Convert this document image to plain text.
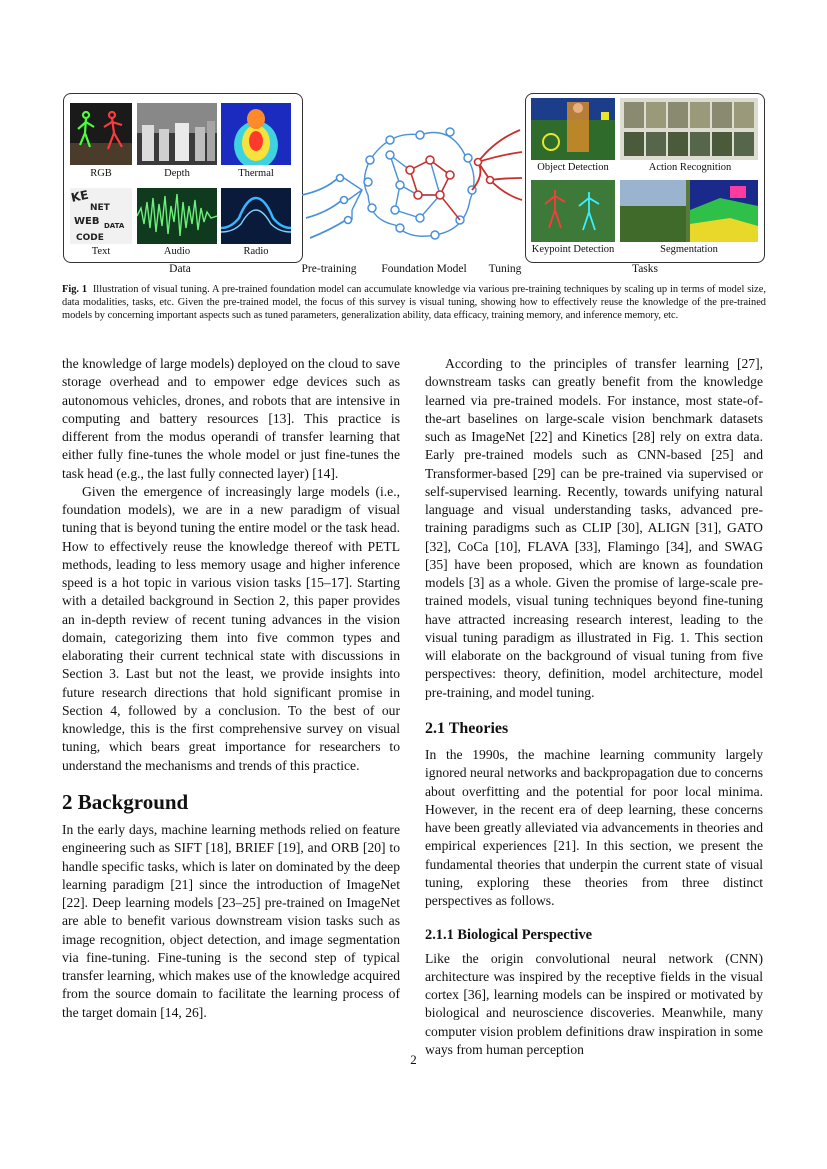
RGB	Depth	Thermal
KE
NET
WEB DATA
CODE
Text	Audio	Radio
Data	Pre-training	Foundation Model	Tuning
Object Detection	Action Recognition
Keypoint Detection	Segmentation
Tasks
Fig. 1 Illustration of visual tuning. A pre-trained foundation model can accumulate knowledge via various pre-training techniques by scaling up in terms of model size, data modalities, tasks, etc. Given the pre-trained model, the focus of this survey is visual tuning, showing how to effectively reuse the knowledge of the pre-trained models by concerning important aspects such as tuned parameters, generalization ability, data efficacy, training memory, and inference memory, etc.

the knowledge of large models) deployed on the cloud to save storage overhead and to empower edge devices such as autonomous vehicles, drones, and robots that are intensive in computing and battery resources [13]. This practice is different from the modus operandi of transfer learning that either fully fine-tunes the whole model or just fine-tunes the task head (e.g., the last fully connected layer) [14].

Given the emergence of increasingly large models (i.e., foundation models), we are in a new paradigm of visual tuning that is beyond tuning the entire model or the task head. How to effectively reuse the knowledge thereof with PETL methods, leading to less memory usage and higher inference speed is a hot topic in various vision tasks [15–17]. Starting with a detailed background in Section 2, this paper provides an in-depth review of recent tuning advances in the vision domain, categorizing them into five common types and elaborating their current technical state with discussions in Section 3. Last but not the least, we provide insights into future research directions that hold significant promise in Section 4, followed by a conclusion. To the best of our knowledge, this is the first comprehensive survey on visual tuning, which bears great importance for researchers to understand the mechanisms and trends of this practice.

2 Background

In the early days, machine learning methods relied on feature engineering such as SIFT [18], BRIEF [19], and ORB [20] to handle specific tasks, which is later on dominated by the deep learning paradigm [21] since the introduction of ImageNet [22]. Deep learning models [23–25] pre-trained on ImageNet are able to benefit various downstream vision tasks such as image recognition, object detection, and image segmentation via fine-tuning. Fine-tuning is the second step of typical transfer learning, which makes use of the knowledge acquired from the source domain to facilitate the learning process of the target domain [14, 26].

According to the principles of transfer learning [27], downstream tasks can greatly benefit from the knowledge learned via pre-trained models. For instance, most state-of-the-art baselines on large-scale vision benchmark datasets such as ImageNet [22] and Kinetics [28] rely on extra data. Early pre-trained models such as CNN-based [25] and Transformer-based [29] can be pre-trained via supervised or self-supervised learning. Recently, towards unifying natural language and visual understanding tasks, advanced pre-training paradigms such as CLIP [30], ALIGN [31], GATO [32], CoCa [10], FLAVA [33], Flamingo [34], and SWAG [35] have been proposed, which are known as foundation models [3] as a whole. Given the promise of large-scale pre-trained models, visual tuning techniques beyond fine-tuning have attracted increasing research interest, leading to the visual tuning paradigm as illustrated in Fig. 1. This section will elaborate on the background of visual tuning from five perspectives: theory, definition, model architecture, model pre-training, and model tuning.

2.1 Theories

In the 1990s, the machine learning community largely ignored neural networks and backpropagation due to concerns about overfitting and the potential for poor local minima. However, in the recent era of deep learning, these concerns have been greatly alleviated via advancements in theories and empirical experiences [21]. In this section, we present the fundamental theories that underpin the current state of visual tuning, exploring these theories from three distinct perspectives as follows.

2.1.1 Biological Perspective

Like the origin convolutional neural network (CNN) architecture was inspired by the receptive fields in the visual cortex [36], learning models can be inspired or motivated by biological and neuroscience discoveries. Meanwhile, many computer vision problem definitions draw inspiration in some ways from human perception

2
